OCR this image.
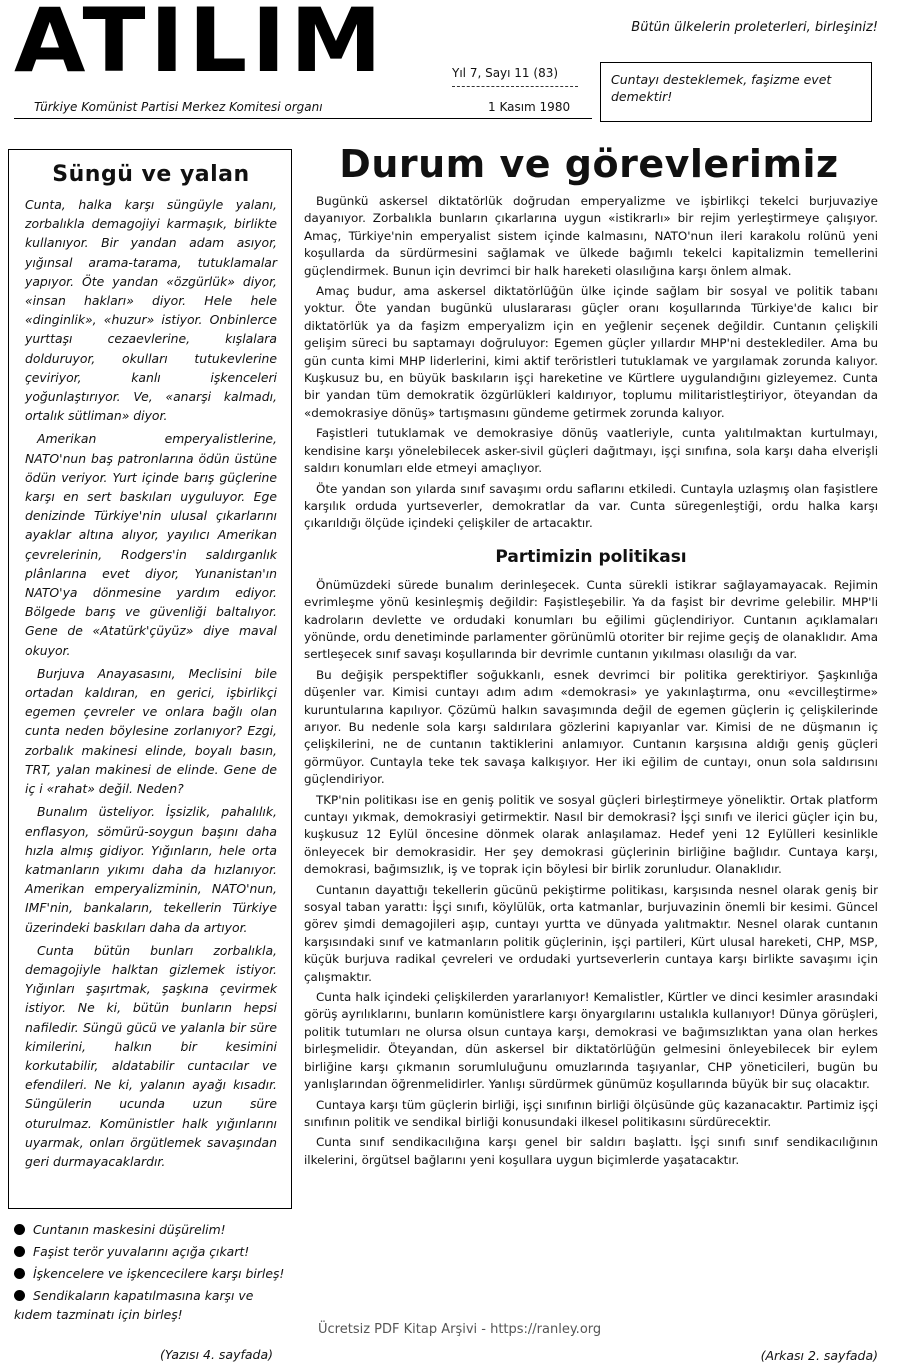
ATILIM	Bütün ülkelerin proleterleri, birleşiniz!
Yıl 7, Sayı 11 (83)
Türkiye Komünist Partisi Merkez Komitesi organı	1 Kasım 1980
Cuntayı desteklemek, faşizme evet demektir!
Süngü ve yalan

Cunta, halka karşı süngüyle yalanı, zorbalıkla demagojiyi karmaşık, birlikte kullanıyor. Bir yandan adam asıyor, yığınsal arama-tarama, tutuklamalar yapıyor. Öte yandan «özgürlük» diyor, «insan hakları» diyor. Hele hele «dinginlik», «huzur» istiyor. Onbinlerce yurttaşı cezaevlerine, kışlalara dolduruyor, okulları tutukevlerine çeviriyor, kanlı işkenceleri yoğunlaştırıyor. Ve, «anarşi kalmadı, ortalık sütliman» diyor.

Amerikan emperyalistlerine, NATO'nun baş patronlarına ödün üstüne ödün veriyor. Yurt içinde barış güçlerine karşı en sert baskıları uyguluyor. Ege denizinde Türkiye'nin ulusal çıkarlarını ayaklar altına alıyor, yayılıcı Amerikan çevrelerinin, Rodgers'in saldırganlık plânlarına evet diyor, Yunanistan'ın NATO'ya dönmesine yardım ediyor. Bölgede barış ve güvenliği baltalıyor. Gene de «Atatürk'çüyüz» diye maval okuyor.

Burjuva Anayasasını, Meclisini bile ortadan kaldıran, en gerici, işbirlikçi egemen çevreler ve onlara bağlı olan cunta neden böylesine zorlanıyor? Ezgi, zorbalık makinesi elinde, boyalı basın, TRT, yalan makinesi de elinde. Gene de iç i «rahat» değil. Neden?

Bunalım üsteliyor. İşsizlik, pahalılık, enflasyon, sömürü-soygun başını daha hızla almış gidiyor. Yığınların, hele orta katmanların yıkımı daha da hızlanıyor. Amerikan emperyalizminin, NATO'nun, IMF'nin, bankaların, tekellerin Türkiye üzerindeki baskıları daha da artıyor.

Cunta bütün bunları zorbalıkla, demagojiyle halktan gizlemek istiyor. Yığınları şaşırtmak, şaşkına çevirmek istiyor. Ne ki, bütün bunların hepsi nafiledir. Süngü gücü ve yalanla bir süre kimilerini, halkın bir kesimini korkutabilir, aldatabilir cuntacılar ve efendileri. Ne ki, yalanın ayağı kısadır. Süngülerin ucunda uzun süre oturulmaz. Komünistler halk yığınlarını uyarmak, onları örgütlemek savaşından geri durmayacaklardır.

Cuntanın maskesini düşürelim!
Faşist terör yuvalarını açığa çıkart!
İşkencelere ve işkencecilere karşı birleş!
Sendikaların kapatılmasına karşı ve kıdem tazminatı için birleş!
(Yazısı 4. sayfada)
Durum ve görevlerimiz

Bugünkü askersel diktatörlük doğrudan emperyalizme ve işbirlikçi tekelci burjuvaziye dayanıyor. Zorbalıkla bunların çıkarlarına uygun «istikrarlı» bir rejim yerleştirmeye çalışıyor. Amaç, Türkiye'nin emperyalist sistem içinde kalmasını, NATO'nun ileri karakolu rolünü yeni koşullarda da sürdürmesini sağlamak ve ülkede bağımlı tekelci kapitalizmin temellerini güçlendirmek. Bunun için devrimci bir halk hareketi olasılığına karşı önlem almak.

Amaç budur, ama askersel diktatörlüğün ülke içinde sağlam bir sosyal ve politik tabanı yoktur. Öte yandan bugünkü uluslararası güçler oranı koşullarında Türkiye'de kalıcı bir diktatörlük ya da faşizm emperyalizm için en yeğlenir seçenek değildir. Cuntanın çelişkili gelişim süreci bu saptamayı doğruluyor: Egemen güçler yıllardır MHP'ni desteklediler. Ama bu gün cunta kimi MHP liderlerini, kimi aktif teröristleri tutuklamak ve yargılamak zorunda kalıyor. Kuşkusuz bu, en büyük baskıların işçi hareketine ve Kürtlere uygulandığını gizleyemez. Cunta bir yandan tüm demokratik özgürlükleri kaldırıyor, toplumu militaristleştiriyor, öteyandan da «demokrasiye dönüş» tartışmasını gündeme getirmek zorunda kalıyor.

Faşistleri tutuklamak ve demokrasiye dönüş vaatleriyle, cunta yalıtılmaktan kurtulmayı, kendisine karşı yönelebilecek asker-sivil güçleri dağıtmayı, işçi sınıfına, solа karşı daha elverişli saldırı konumları elde etmeyi amaçlıyor.

Öte yandan son yılarda sınıf savaşımı ordu saflarını etkiledi. Cuntayla uzlaşmış olan faşistlere karşılık orduda yurtseverler, demokratlar da var. Cunta süregenleştiği, ordu halka karşı çıkarıldığı ölçüde içindeki çelişkiler de artacaktır.

Partimizin politikası

Önümüzdeki sürede bunalım derinleşecek. Cunta sürekli istikrar sağlayamayacak. Rejimin evrimleşme yönü kesinleşmiş değildir: Faşistleşebilir. Ya da faşist bir devrime gelebilir. MHP'li kadroların devlette ve ordudaki konumları bu eğilimi güçlendiriyor. Cuntanın açıklamaları yönünde, ordu denetiminde parlamenter görünümlü otoriter bir rejime geçiş de olanaklıdır. Ama sertleşecek sınıf savaşı koşullarında bir devrimle cuntanın yıkılması olasılığı da var.

Bu değişik perspektifler soğukkanlı, esnek devrimci bir politika gerektiriyor. Şaşkınlığa düşenler var. Kimisi cuntayı adım adım «demokrasi» ye yakınlaştırma, onu «evcilleştirme» kuruntularına kapılıyor. Çözümü halkın savaşımında değil de egemen güçlerin iç çelişkilerinde arıyor. Bu nedenle sola karşı saldırılara gözlerini kapıyanlar var. Kimisi de ne düşmanın iç çelişkilerini, ne de cuntanın taktiklerini anlamıyor. Cuntanın karşısına aldığı geniş güçleri görmüyor. Cuntayla teke tek savaşa kalkışıyor. Her iki eğilim de cuntayı, onun sola saldırısını güçlendiriyor.

TKP'nin politikası ise en geniş politik ve sosyal güçleri birleştirmeye yöneliktir. Ortak platform cuntayı yıkmak, demokrasiyi getirmektir. Nasıl bir demokrasi? İşçi sınıfı ve ilerici güçler için bu, kuşkusuz 12 Eylül öncesine dönmek olarak anlaşılamaz. Hedef yeni 12 Eylülleri kesinlikle önleyecek bir demokrasidir. Her şey demokrasi güçlerinin birliğine bağlıdır. Cuntaya karşı, demokrasi, bağımsızlık, iş ve toprak için böylesi bir birlik zorunludur. Olanaklıdır.

Cuntanın dayattığı tekellerin gücünü pekiştirme politikası, karşısında nesnel olarak geniş bir sosyal taban yarattı: İşçi sınıfı, köylülük, orta katmanlar, burjuvazinin önemli bir kesimi. Güncel görev şimdi demagojileri aşıp, cuntayı yurtta ve dünyada yalıtmaktır. Nesnel olarak cuntanın karşısındaki sınıf ve katmanların politik güçlerinin, işçi partileri, Kürt ulusal hareketi, CHP, MSP, küçük burjuva radikal çevreleri ve ordudaki yurtseverlerin cuntaya karşı birlikte savaşımı için çalışmaktır.

Cunta halk içindeki çelişkilerden yararlanıyor! Kemalistler, Kürtler ve dinci kesimler arasındaki görüş ayrılıklarını, bunların komünistlere karşı önyargılarını ustalıkla kullanıyor! Dünya görüşleri, politik tutumları ne olursa olsun cuntaya karşı, demokrasi ve bağımsızlıktan yana olan herkes birleşmelidir. Öteyandan, dün askersel bir diktatörlüğün gelmesini önleyebilecek bir eylem birliğine karşı çıkmanın sorumluluğunu omuzlarında taşıyanlar, CHP yöneticileri, bugün bu yanlışlarından öğrenmelidirler. Yanlışı sürdürmek günümüz koşullarında büyük bir suç olacaktır.

Cuntaya karşı tüm güçlerin birliği, işçi sınıfının birliği ölçüsünde güç kazanacaktır. Partimiz işçi sınıfının politik ve sendikal birliği konusundaki ilkesel politikasını sürdürecektir.

Cunta sınıf sendikacılığına karşı genel bir saldırı başlattı. İşçi sınıfı sınıf sendikacılığının ilkelerini, örgütsel bağlarını yeni koşullara uygun biçimlerde yaşatacaktır.

Ücretsiz PDF Kitap Arşivi - https://ranley.org
(Arkası 2. sayfada)
